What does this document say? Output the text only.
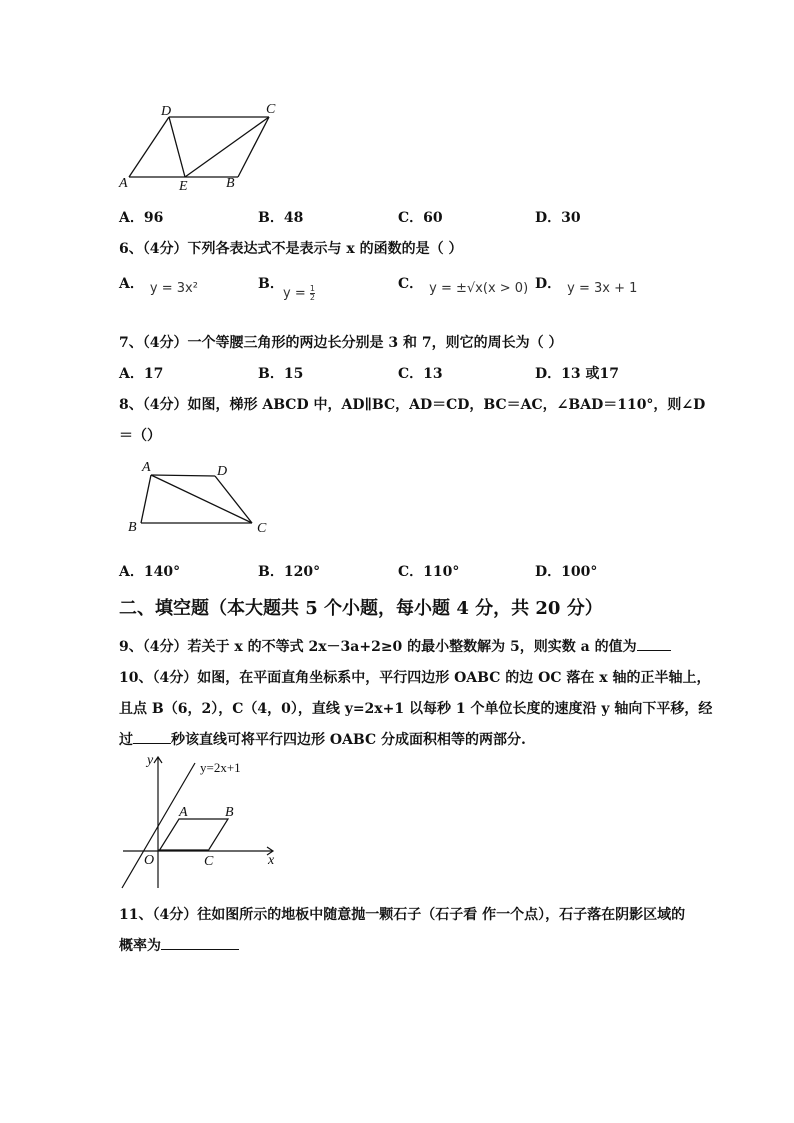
A	E	B
D	C
A．96	B．48	C．60	D．30
6、（4分）下列各表达式不是表示与 x 的函数的是（ ）
A． y = 3x²	B．
$y = \frac{1}{2}$
C． y = ±√x(x > 0) D． y = 3x + 1
7、（4分）一个等腰三角形的两边长分别是 3 和 7，则它的周长为（ ）
A．17	B．15	C．13	D．13 或17
8、（4分）如图，梯形 ABCD 中，AD∥BC，AD＝CD，BC＝AC，∠BAD＝110°，则∠D
＝（）
A	D
B	C
A．140°	B．120°	C．110°	D．100°
二、填空题（本大题共 5 个小题，每小题 4 分，共 20 分）
9、（4分）若关于 x 的不等式 2x－3a+2≥0 的最小整数解为 5，则实数 a 的值为
10、（4分）如图，在平面直角坐标系中，平行四边形 OABC 的边 OC 落在 x 轴的正半轴上，
且点 B（6，2），C（4，0），直线 y=2x+1 以每秒 1 个单位长度的速度沿 y 轴向下平移，经
过	秒该直线可将平行四边形 OABC 分成面积相等的两部分.
y	y=2x+1
A	B
O	C	x
11、（4分）往如图所示的地板中随意抛一颗石子（石子看 作一个点），石子落在阴影区域的
概率为
